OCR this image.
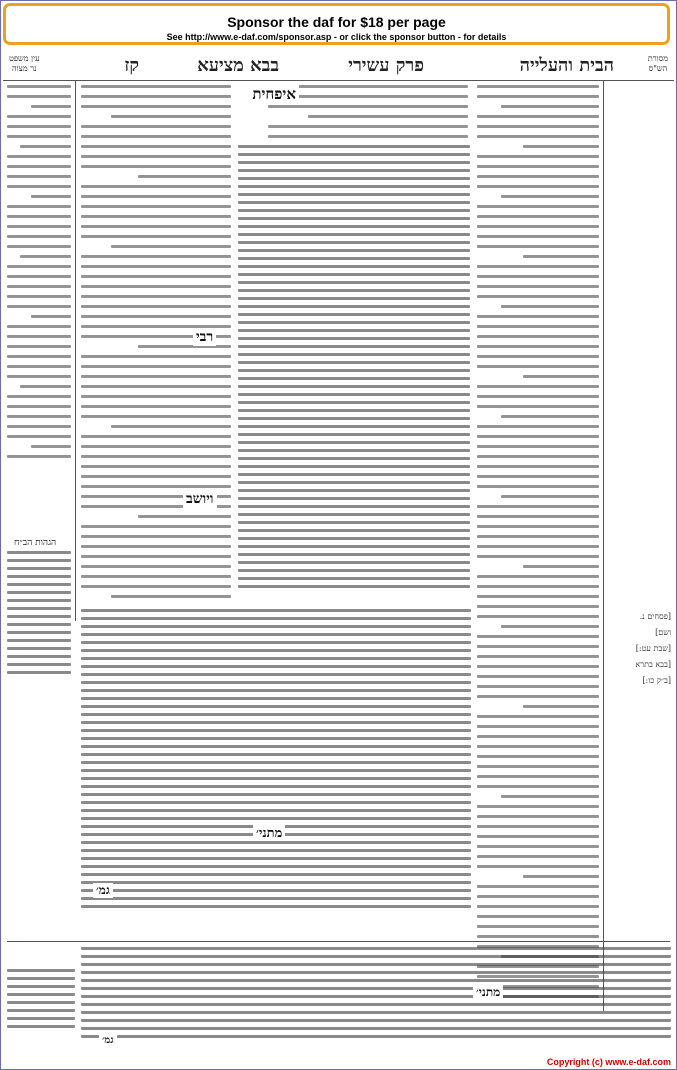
Sponsor the daf for $18 per page
See http://www.e-daf.com/sponsor.asp - or click the sponsor button - for details
מסורת
הש"ס
הבית והעלייה
פרק עשירי
בבא מציעא
קז
עין משפט
נר מצוה
[פסחים נ.
ושם]
[שבת עט:]
[בבא בתרא
[ב״ק כו:]
איפחית
רבי
ויושב
הגהות הב״ח
מתני׳
גמ׳
מתני׳
גמ׳
Copyright (c) www.e-daf.com
